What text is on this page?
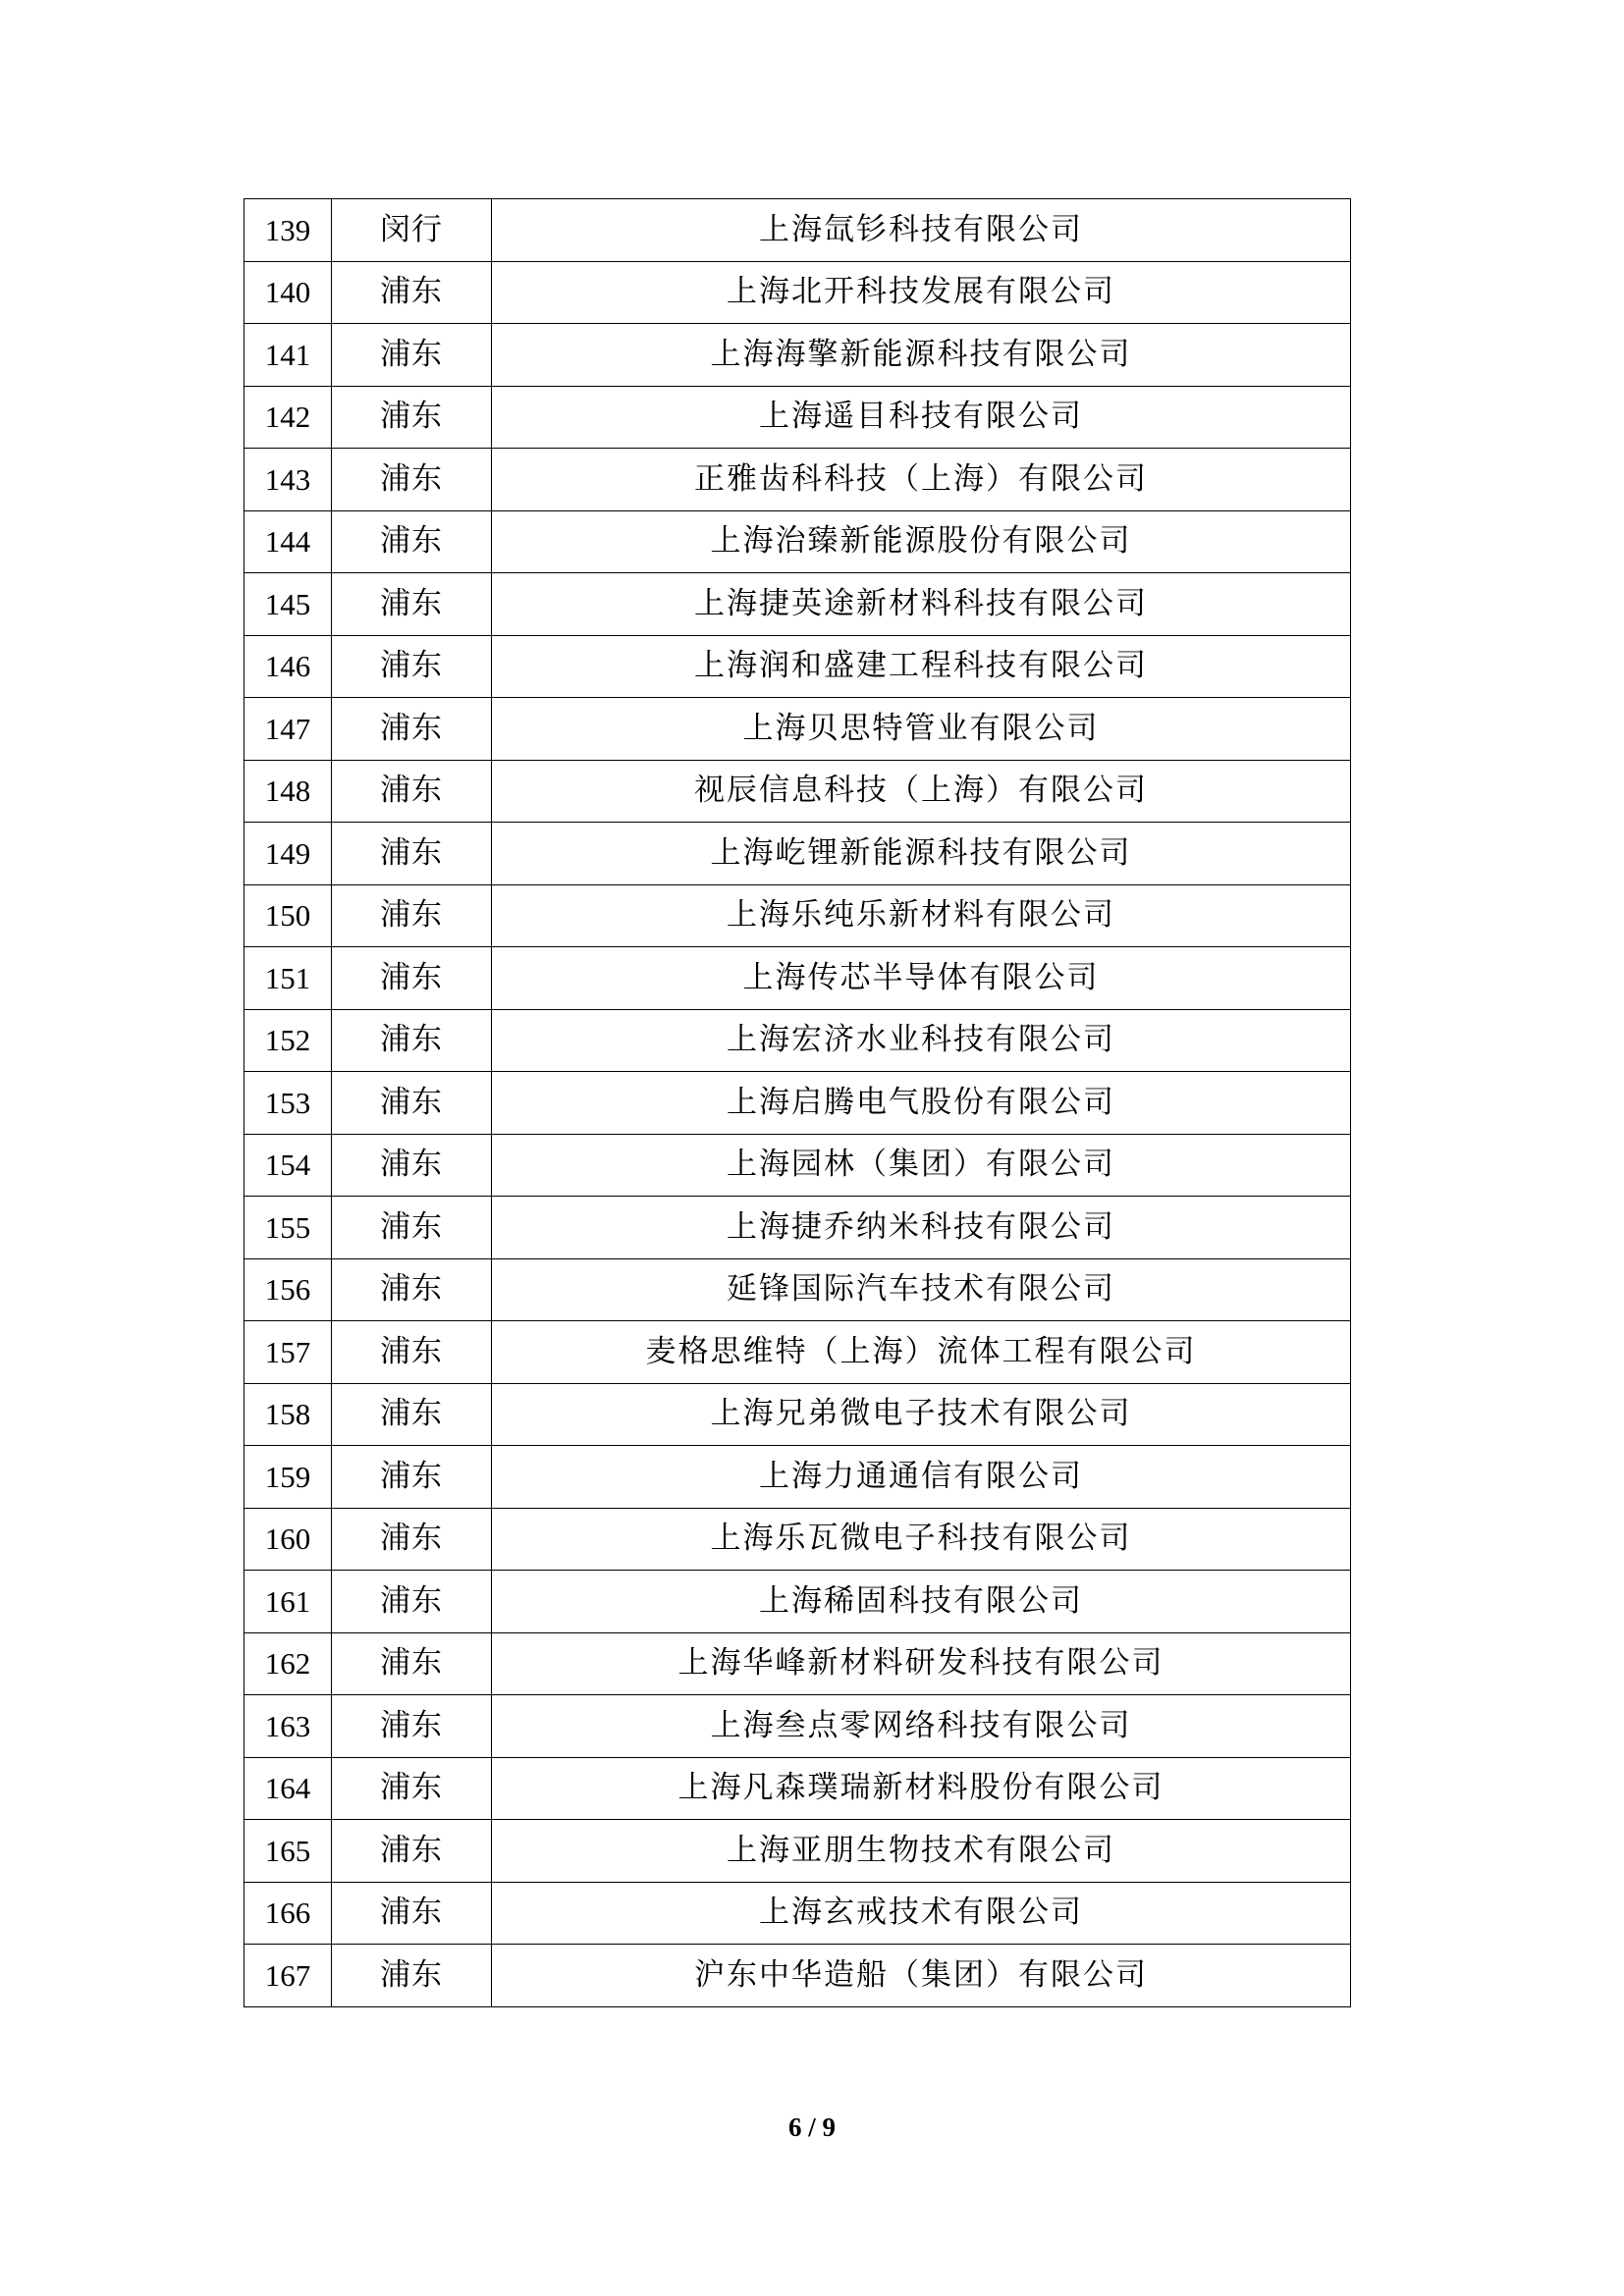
139	闵行	上海氙钐科技有限公司
140	浦东	上海北开科技发展有限公司
141	浦东	上海海擎新能源科技有限公司
142	浦东	上海遥目科技有限公司
143	浦东	正雅齿科科技（上海）有限公司
144	浦东	上海治臻新能源股份有限公司
145	浦东	上海捷英途新材料科技有限公司
146	浦东	上海润和盛建工程科技有限公司
147	浦东	上海贝思特管业有限公司
148	浦东	视辰信息科技（上海）有限公司
149	浦东	上海屹锂新能源科技有限公司
150	浦东	上海乐纯乐新材料有限公司
151	浦东	上海传芯半导体有限公司
152	浦东	上海宏济水业科技有限公司
153	浦东	上海启腾电气股份有限公司
154	浦东	上海园林（集团）有限公司
155	浦东	上海捷乔纳米科技有限公司
156	浦东	延锋国际汽车技术有限公司
157	浦东	麦格思维特（上海）流体工程有限公司
158	浦东	上海兄弟微电子技术有限公司
159	浦东	上海力通通信有限公司
160	浦东	上海乐瓦微电子科技有限公司
161	浦东	上海稀固科技有限公司
162	浦东	上海华峰新材料研发科技有限公司
163	浦东	上海叁点零网络科技有限公司
164	浦东	上海凡森璞瑞新材料股份有限公司
165	浦东	上海亚朋生物技术有限公司
166	浦东	上海玄戒技术有限公司
167	浦东	沪东中华造船（集团）有限公司
6 / 9
